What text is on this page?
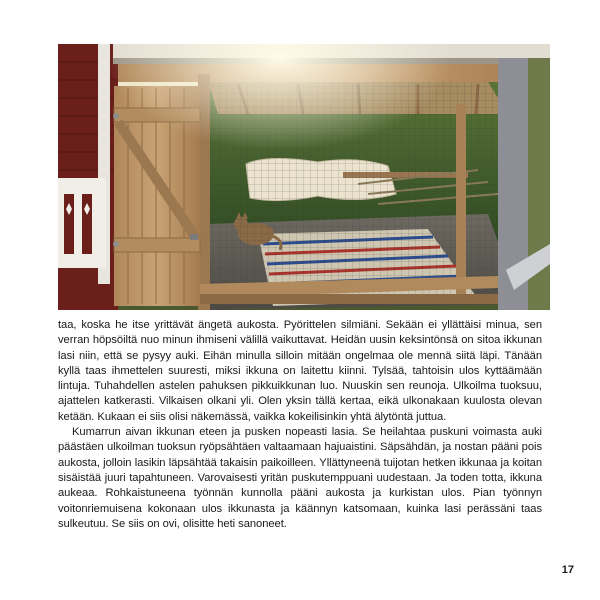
taa, koska he itse yrittävät ängetä aukosta. Pyörittelen silmiäni. Sekään ei yllättäisi minua, sen verran höpsöiltä nuo minun ihmiseni välillä vaikuttavat. Heidän uusin keksintönsä on sitoa ikkunan lasi niin, että se pysyy auki. Eihän minulla silloin mitään ongelmaa ole mennä siitä läpi. Tänään kyllä taas ihmettelen suuresti, miksi ikkuna on laitettu kiinni. Tylsää, tahtoisin ulos kyttäämään lintuja. Tuhahdellen astelen pahuksen pikkuikkunan luo. Nuuskin sen reunoja. Ulkoilma tuoksuu, ajattelen katkerasti. Vilkaisen olkani yli. Olen yksin tällä kertaa, eikä ulkonakaan kuulosta olevan ketään. Kukaan ei siis olisi näkemässä, vaikka kokeilisinkin yhtä älytöntä juttua.

Kumarrun aivan ikkunan eteen ja pusken nopeasti lasia. Se heilahtaa puskuni voimasta auki päästäen ulkoilman tuoksun ryöpsähtäen valtaamaan hajuaistini. Säpsähdän, ja nostan pääni pois aukosta, jolloin lasikin läpsähtää takaisin paikoilleen. Yllättyneenä tuijotan hetken ikkunaa ja koitan sisäistää juuri tapahtuneen. Varovaisesti yritän puskutemppuani uudestaan. Ja toden totta, ikkuna aukeaa. Rohkaistuneena työnnän kunnolla pääni aukosta ja kurkistan ulos. Pian työnnyn voitonriemuisena kokonaan ulos ikkunasta ja käännyn katsomaan, kuinka lasi perässäni taas sulkeutuu. Se siis on ovi, olisitte heti sanoneet.

17
